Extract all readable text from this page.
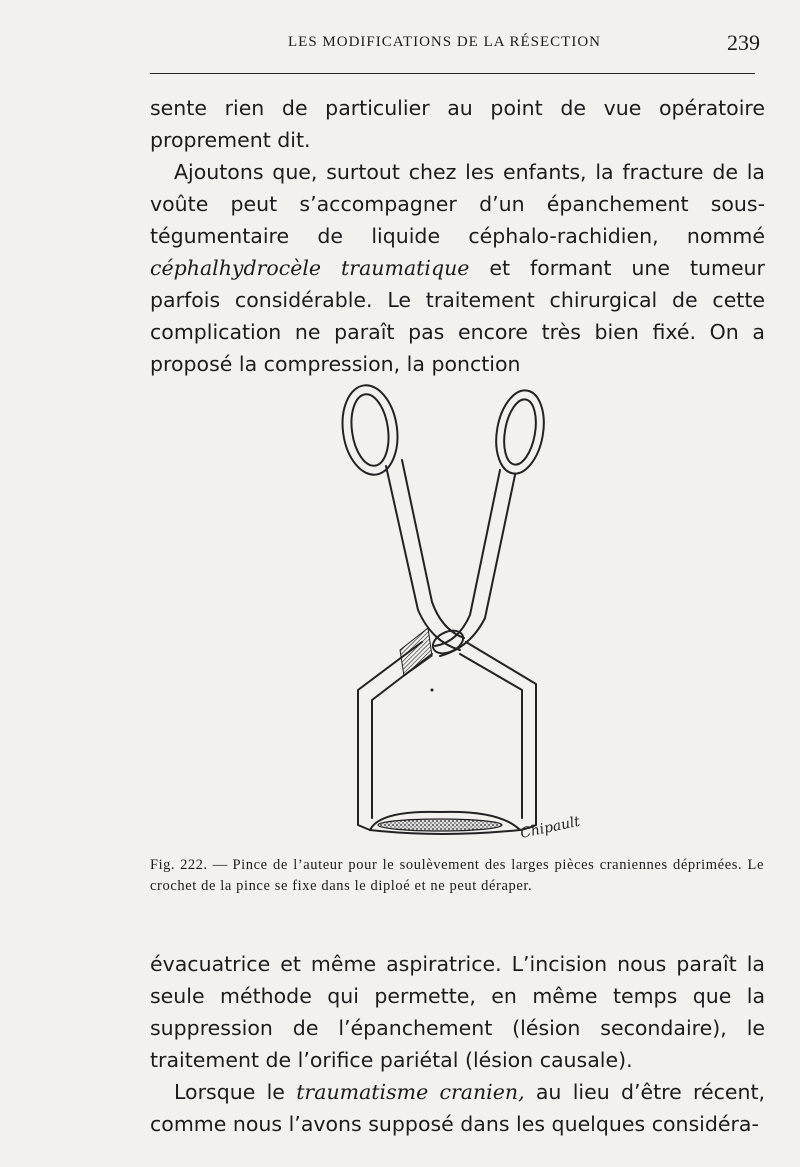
LES MODIFICATIONS DE LA RÉSECTION	239

sente rien de particulier au point de vue opératoire proprement dit.

Ajoutons que, surtout chez les enfants, la fracture de la voûte peut s’accompagner d’un épanchement sous-tégumentaire de liquide céphalo-rachidien, nommé céphalhydrocèle traumatique et formant une tumeur parfois considérable. Le traitement chirurgical de cette complication ne paraît pas encore très bien fixé. On a proposé la compression, la ponction

Chipault
Fig. 222. — Pince de l’auteur pour le soulèvement des larges pièces craniennes déprimées. Le crochet de la pince se fixe dans le diploé et ne peut déraper.

évacuatrice et même aspiratrice. L’incision nous paraît la seule méthode qui permette, en même temps que la suppression de l’épanchement (lésion secondaire), le traitement de l’orifice pariétal (lésion causale).

Lorsque le traumatisme cranien, au lieu d’être récent, comme nous l’avons supposé dans les quelques considéra-
